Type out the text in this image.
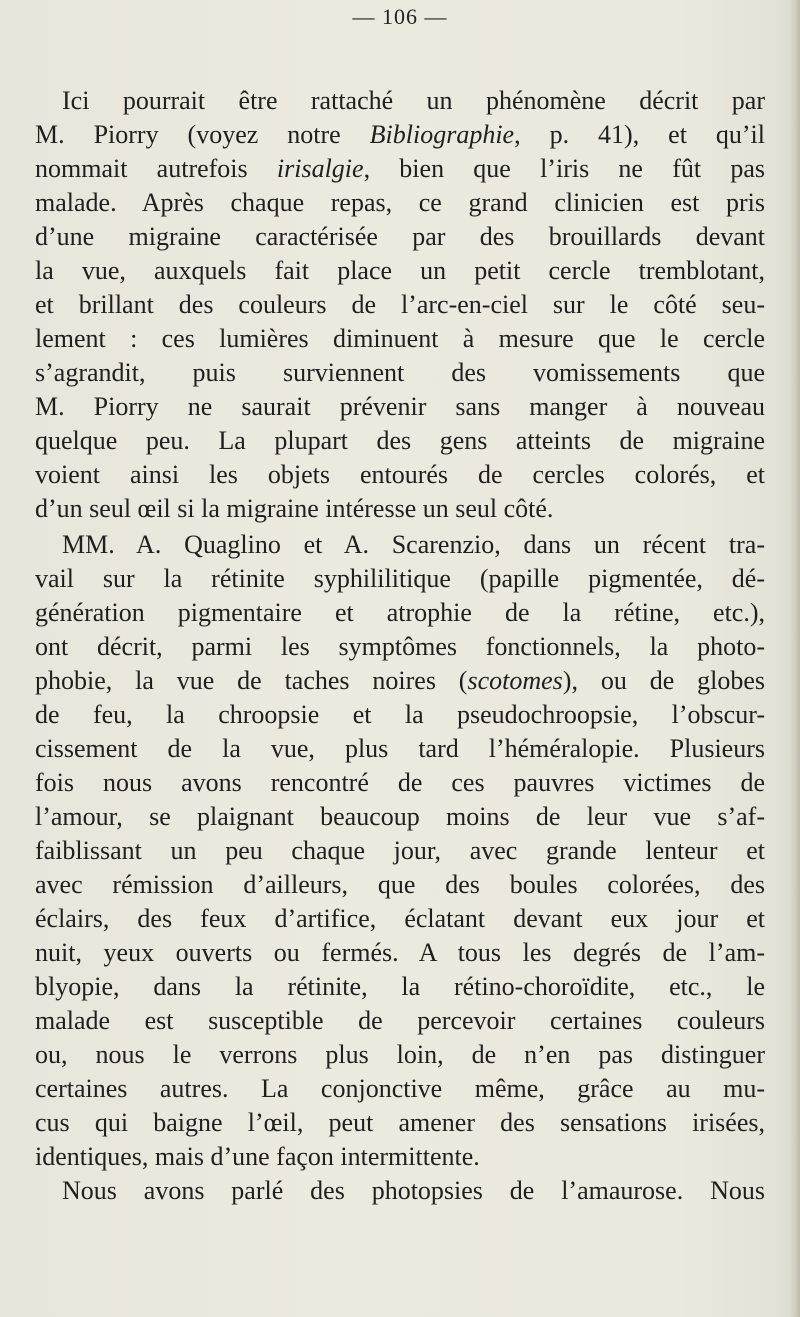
— 106 —
Ici pourrait être rattaché un phénomène décrit par
M. Piorry (voyez notre Bibliographie, p. 41), et qu’il
nommait autrefois irisalgie, bien que l’iris ne fût pas
malade. Après chaque repas, ce grand clinicien est pris
d’une migraine caractérisée par des brouillards devant
la vue, auxquels fait place un petit cercle tremblotant,
et brillant des couleurs de l’arc-en-ciel sur le côté seu-
lement : ces lumières diminuent à mesure que le cercle
s’agrandit, puis surviennent des vomissements que
M. Piorry ne saurait prévenir sans manger à nouveau
quelque peu. La plupart des gens atteints de migraine
voient ainsi les objets entourés de cercles colorés, et
d’un seul œil si la migraine intéresse un seul côté.
MM. A. Quaglino et A. Scarenzio, dans un récent tra-
vail sur la rétinite syphililitique (papille pigmentée, dé-
génération pigmentaire et atrophie de la rétine, etc.),
ont décrit, parmi les symptômes fonctionnels, la photo-
phobie, la vue de taches noires (scotomes), ou de globes
de feu, la chroopsie et la pseudochroopsie, l’obscur-
cissement de la vue, plus tard l’héméralopie. Plusieurs
fois nous avons rencontré de ces pauvres victimes de
l’amour, se plaignant beaucoup moins de leur vue s’af-
faiblissant un peu chaque jour, avec grande lenteur et
avec rémission d’ailleurs, que des boules colorées, des
éclairs, des feux d’artifice, éclatant devant eux jour et
nuit, yeux ouverts ou fermés. A tous les degrés de l’am-
blyopie, dans la rétinite, la rétino-choroïdite, etc., le
malade est susceptible de percevoir certaines couleurs
ou, nous le verrons plus loin, de n’en pas distinguer
certaines autres. La conjonctive même, grâce au mu-
cus qui baigne l’œil, peut amener des sensations irisées,
identiques, mais d’une façon intermittente.
Nous avons parlé des photopsies de l’amaurose. Nous
